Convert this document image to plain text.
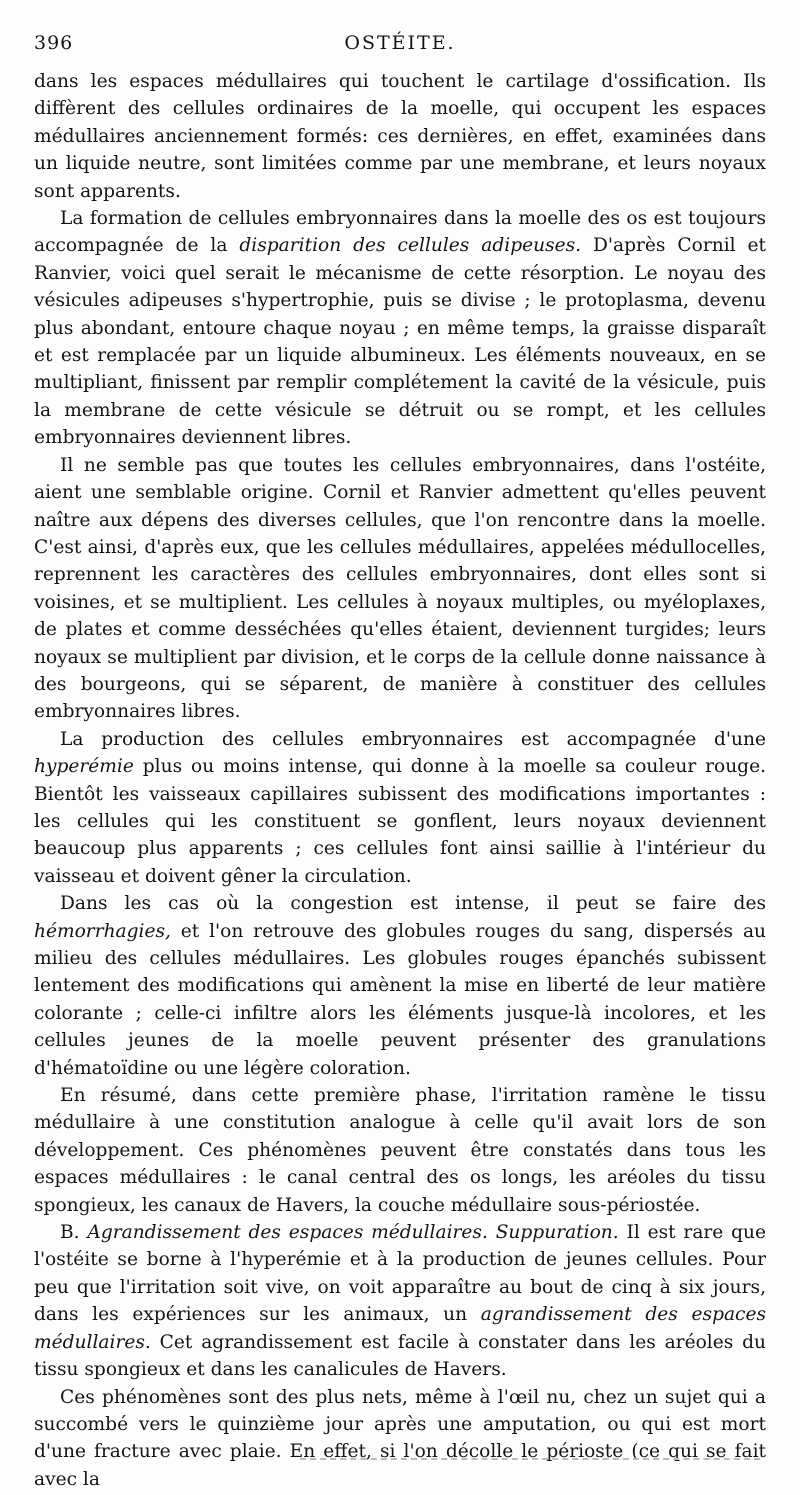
396	OSTÉITE.

dans les espaces médullaires qui touchent le cartilage d'ossification. Ils diffèrent des cellules ordinaires de la moelle, qui occupent les espaces médullaires anciennement formés: ces dernières, en effet, examinées dans un liquide neutre, sont limitées comme par une membrane, et leurs noyaux sont apparents.

La formation de cellules embryonnaires dans la moelle des os est toujours accompagnée de la disparition des cellules adipeuses. D'après Cornil et Ranvier, voici quel serait le mécanisme de cette résorption. Le noyau des vésicules adipeuses s'hypertrophie, puis se divise ; le protoplasma, devenu plus abondant, entoure chaque noyau ; en même temps, la graisse disparaît et est remplacée par un liquide albumineux. Les éléments nouveaux, en se multipliant, finissent par remplir complétement la cavité de la vésicule, puis la membrane de cette vésicule se détruit ou se rompt, et les cellules embryonnaires deviennent libres.

Il ne semble pas que toutes les cellules embryonnaires, dans l'ostéite, aient une semblable origine. Cornil et Ranvier admettent qu'elles peuvent naître aux dépens des diverses cellules, que l'on rencontre dans la moelle. C'est ainsi, d'après eux, que les cellules médullaires, appelées médullocelles, reprennent les caractères des cellules embryonnaires, dont elles sont si voisines, et se multiplient. Les cellules à noyaux multiples, ou myéloplaxes, de plates et comme desséchées qu'elles étaient, deviennent turgides; leurs noyaux se multiplient par division, et le corps de la cellule donne naissance à des bourgeons, qui se séparent, de manière à constituer des cellules embryonnaires libres.

La production des cellules embryonnaires est accompagnée d'une hyperémie plus ou moins intense, qui donne à la moelle sa couleur rouge. Bientôt les vaisseaux capillaires subissent des modifications importantes : les cellules qui les constituent se gonflent, leurs noyaux deviennent beaucoup plus apparents ; ces cellules font ainsi saillie à l'intérieur du vaisseau et doivent gêner la circulation.

Dans les cas où la congestion est intense, il peut se faire des hémorrhagies, et l'on retrouve des globules rouges du sang, dispersés au milieu des cellules médullaires. Les globules rouges épanchés subissent lentement des modifications qui amènent la mise en liberté de leur matière colorante ; celle-ci infiltre alors les éléments jusque-là incolores, et les cellules jeunes de la moelle peuvent présenter des granulations d'hématoïdine ou une légère coloration.

En résumé, dans cette première phase, l'irritation ramène le tissu médullaire à une constitution analogue à celle qu'il avait lors de son développement. Ces phénomènes peuvent être constatés dans tous les espaces médullaires : le canal central des os longs, les aréoles du tissu spongieux, les canaux de Havers, la couche médullaire sous-périostée.

B. Agrandissement des espaces médullaires. Suppuration. Il est rare que l'ostéite se borne à l'hyperémie et à la production de jeunes cellules. Pour peu que l'irritation soit vive, on voit apparaître au bout de cinq à six jours, dans les expériences sur les animaux, un agrandissement des espaces médullaires. Cet agrandissement est facile à constater dans les aréoles du tissu spongieux et dans les canalicules de Havers.

Ces phénomènes sont des plus nets, même à l'œil nu, chez un sujet qui a succombé vers le quinzième jour après une amputation, ou qui est mort d'une fracture avec plaie. En effet, si l'on décolle le périoste (ce qui se fait avec la
